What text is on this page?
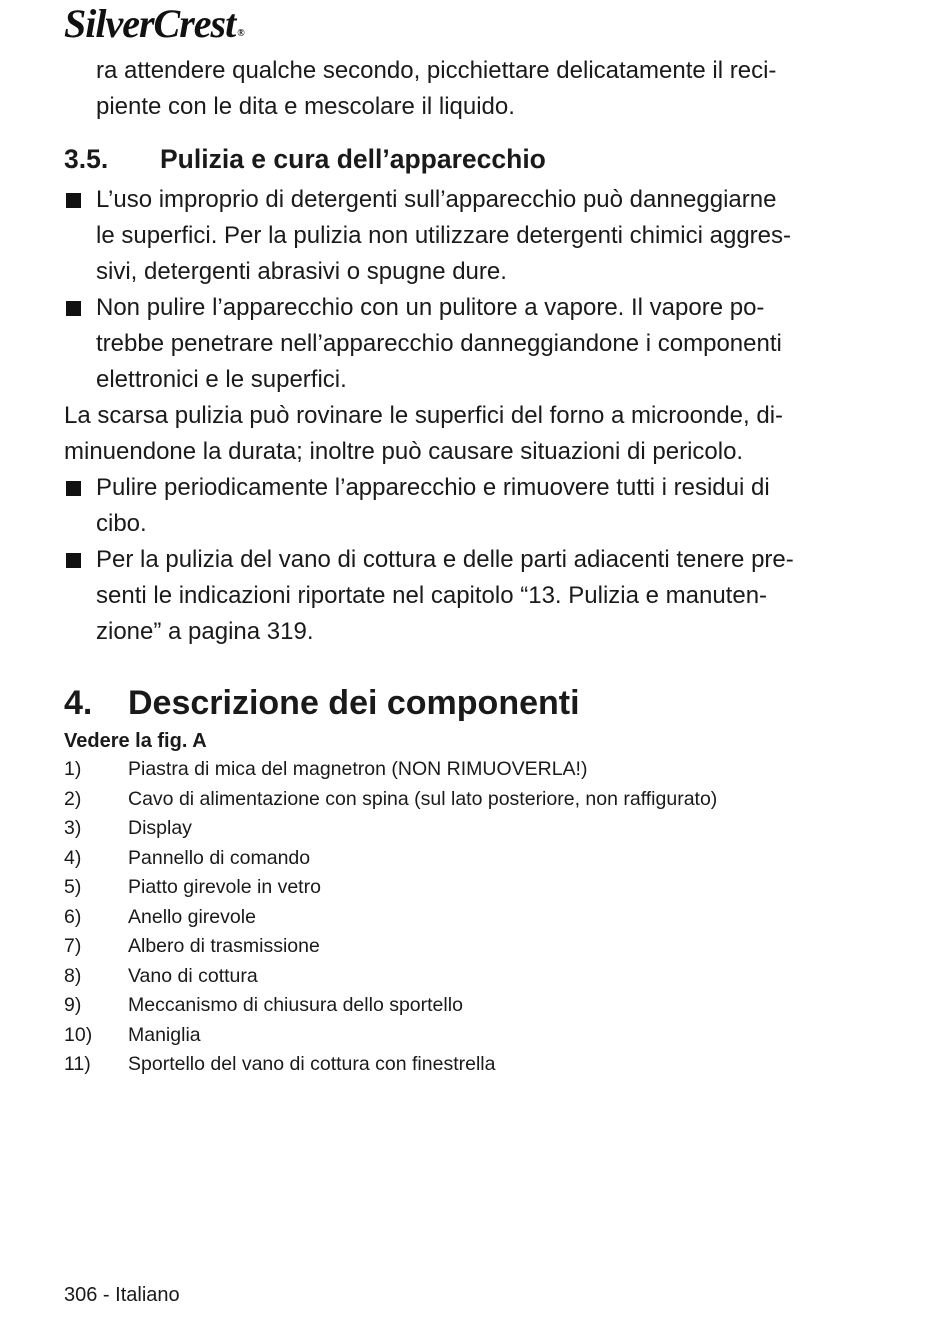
SilverCrest ®

ra attendere qualche secondo, picchiettare delicatamente il reci-

piente con le dita e mescolare il liquido.

3.5.	Pulizia e cura dell’apparecchio

L’uso improprio di detergenti sull’apparecchio può danneggiarne

le superfici. Per la pulizia non utilizzare detergenti chimici aggres-

sivi, detergenti abrasivi o spugne dure.

Non pulire l’apparecchio con un pulitore a vapore. Il vapore po-

trebbe penetrare nell’apparecchio danneggiandone i componenti

elettronici e le superfici.

La scarsa pulizia può rovinare le superfici del forno a microonde, di-

minuendone la durata; inoltre può causare situazioni di pericolo.

Pulire periodicamente l’apparecchio e rimuovere tutti i residui di

cibo.

Per la pulizia del vano di cottura e delle parti adiacenti tenere pre-

senti le indicazioni riportate nel capitolo “13. Pulizia e manuten-

zione” a pagina 319.

4.	Descrizione dei componenti
Vedere la fig. A
1)	Piastra di mica del magnetron (NON RIMUOVERLA!)
2)	Cavo di alimentazione con spina (sul lato posteriore, non raffigurato)
3)	Display
4)	Pannello di comando
5)	Piatto girevole in vetro
6)	Anello girevole
7)	Albero di trasmissione
8)	Vano di cottura
9)	Meccanismo di chiusura dello sportello
10)	Maniglia
11)	Sportello del vano di cottura con finestrella
306 - Italiano
